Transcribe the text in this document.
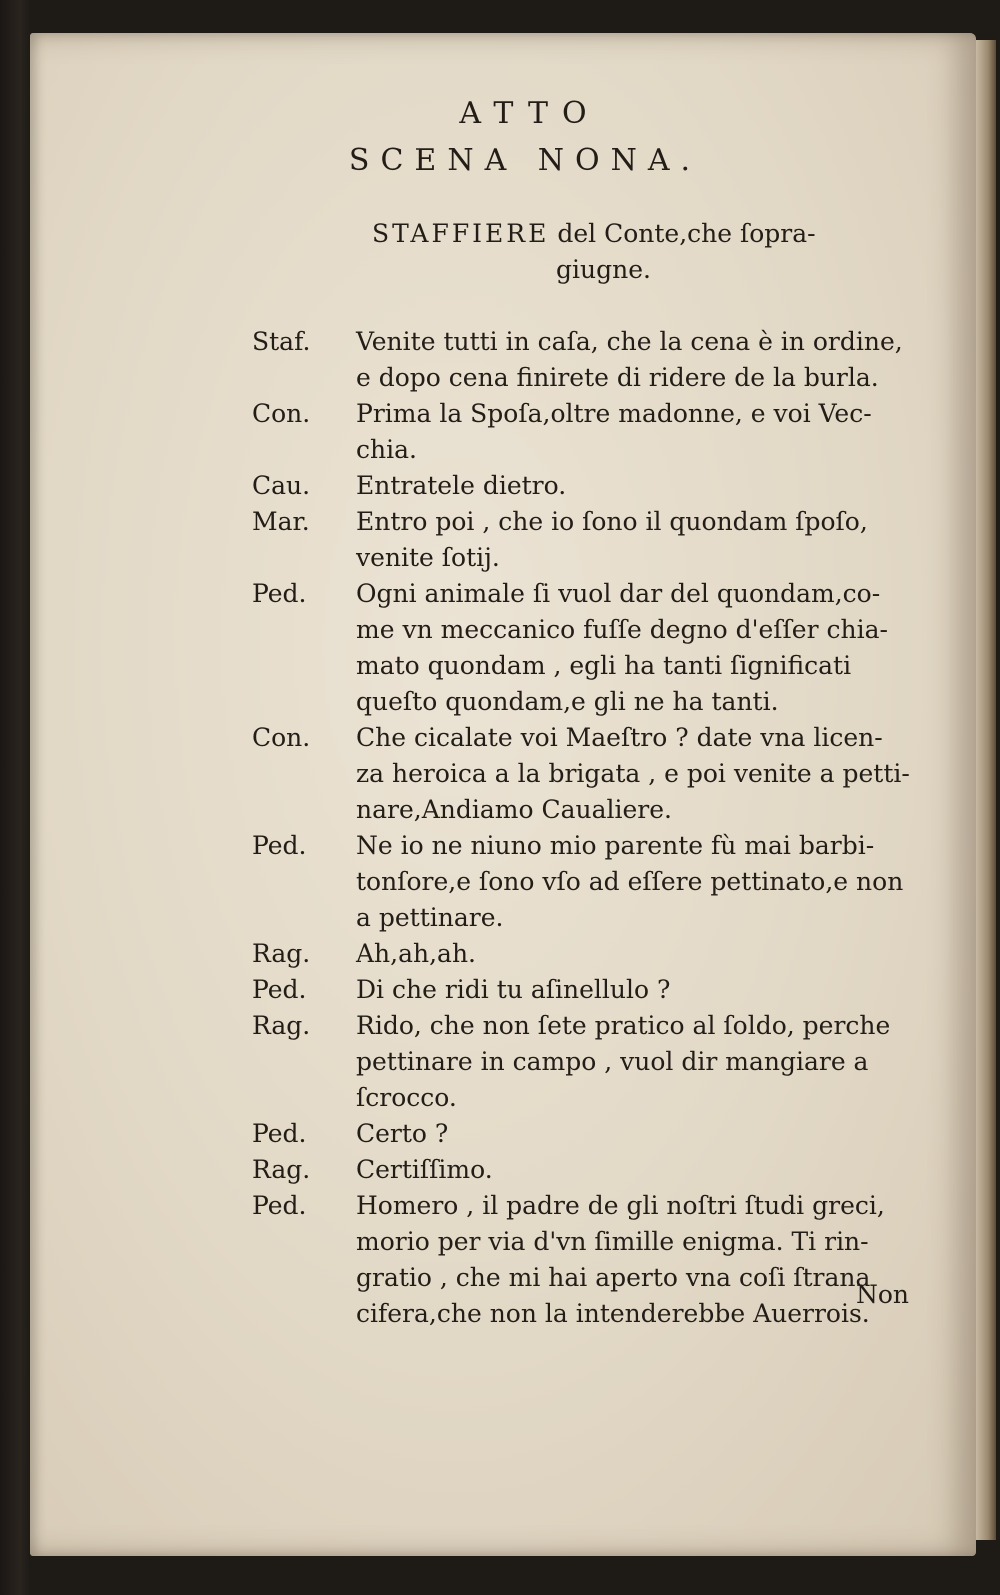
ATTO
SCENA NONA.
STAFFIERE del Conte,che ſopra-
giugne.
Staf.	Venite tutti in caſa, che la cena è in ordine,
e dopo cena finirete di ridere de la burla.
Con.	Prima la Spoſa,oltre madonne, e voi Vec-
chia.
Cau.	Entratele dietro.
Mar.	Entro poi , che io ſono il quondam ſpoſo,
venite ſotij.
Ped.	Ogni animale ſi vuol dar del quondam,co-
me vn meccanico fuſſe degno d'eſſer chia-
mato quondam , egli ha tanti ſignificati
queſto quondam,e gli ne ha tanti.
Con.	Che cicalate voi Maeſtro ? date vna licen-
za heroica a la brigata , e poi venite a petti-
nare,Andiamo Caualiere.
Ped.	Ne io ne niuno mio parente fù mai barbi-
tonſore,e ſono vſo ad eſſere pettinato,e non
a pettinare.
Rag.	Ah,ah,ah.
Ped.	Di che ridi tu aſinellulo ?
Rag.	Rido, che non ſete pratico al ſoldo, perche
pettinare in campo , vuol dir mangiare a
ſcrocco.
Ped.	Certo ?
Rag.	Certiſſimo.
Ped.	Homero , il padre de gli noſtri ſtudi greci,
morio per via d'vn ſimille enigma. Ti rin-
gratio , che mi hai aperto vna coſi ſtrana
cifera,che non la intenderebbe Auerrois.
Non
